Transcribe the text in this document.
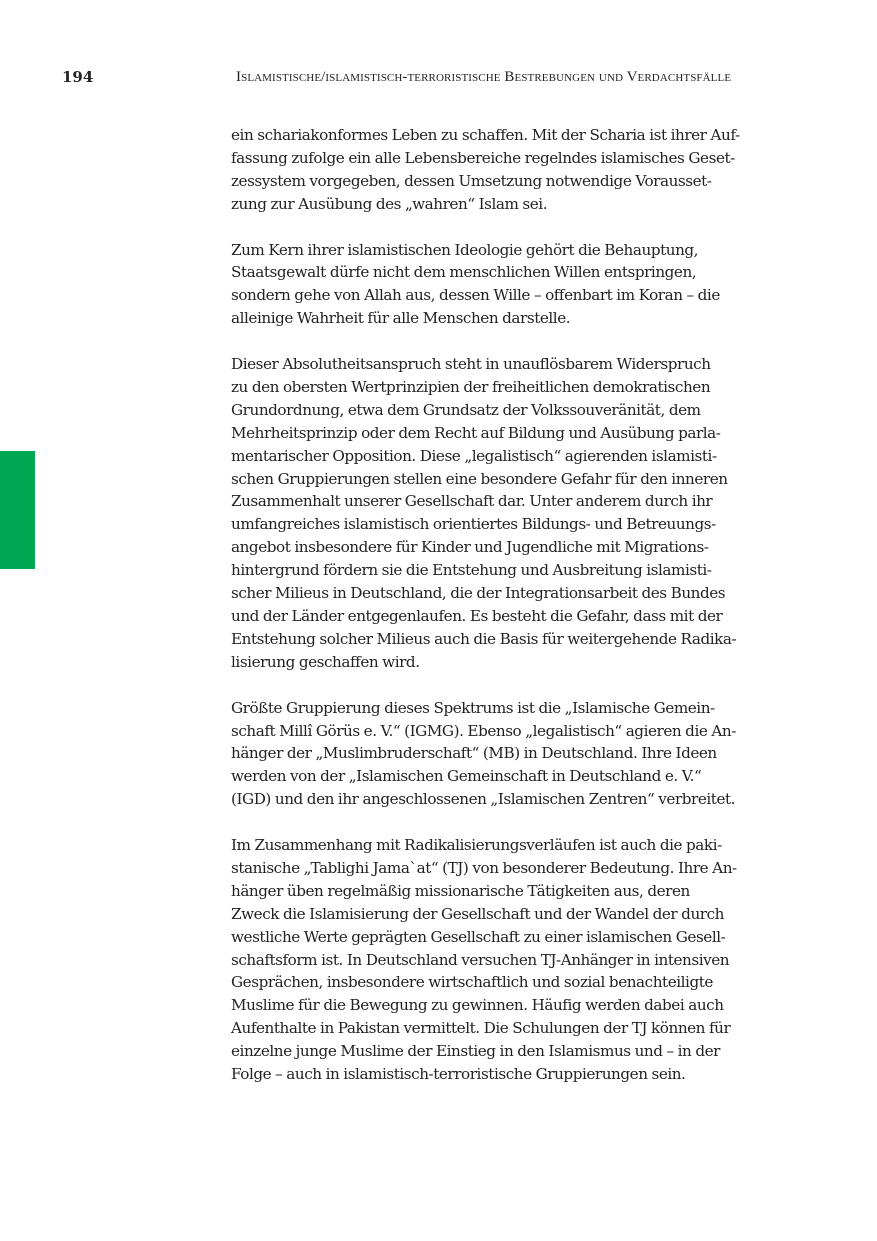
194	Islamistische/islamistisch-terroristische Bestrebungen und Verdachtsfälle

ein schariakonformes Leben zu schaffen. Mit der Scharia ist ihrer Auf-
fassung zufolge ein alle Lebensbereiche regelndes islamisches Geset-
zessystem vorgegeben, dessen Umsetzung notwendige Vorausset-
zung zur Ausübung des „wahren“ Islam sei.

Zum Kern ihrer islamistischen Ideologie gehört die Behauptung,
Staatsgewalt dürfe nicht dem menschlichen Willen entspringen,
sondern gehe von Allah aus, dessen Wille – offenbart im Koran – die
alleinige Wahrheit für alle Menschen darstelle.

Dieser Absolutheitsanspruch steht in unauflösbarem Widerspruch
zu den obersten Wertprinzipien der freiheitlichen demokratischen
Grundordnung, etwa dem Grundsatz der Volkssouveränität, dem
Mehrheitsprinzip oder dem Recht auf Bildung und Ausübung parla-
mentarischer Opposition. Diese „legalistisch“ agierenden islamisti-
schen Gruppierungen stellen eine besondere Gefahr für den inneren
Zusammenhalt unserer Gesellschaft dar. Unter anderem durch ihr
umfangreiches islamistisch orientiertes Bildungs- und Betreuungs-
angebot insbesondere für Kinder und Jugendliche mit Migrations-
hintergrund fördern sie die Entstehung und Ausbreitung islamisti-
scher Milieus in Deutschland, die der Integrationsarbeit des Bundes
und der Länder entgegenlaufen. Es besteht die Gefahr, dass mit der
Entstehung solcher Milieus auch die Basis für weitergehende Radika-
lisierung geschaffen wird.

Größte Gruppierung dieses Spektrums ist die „Islamische Gemein-
schaft Millî Görüs e. V.“ (IGMG). Ebenso „legalistisch“ agieren die An-
hänger der „Muslimbruderschaft“ (MB) in Deutschland. Ihre Ideen
werden von der „Islamischen Gemeinschaft in Deutschland e. V.“
(IGD) und den ihr angeschlossenen „Islamischen Zentren“ verbreitet.

Im Zusammenhang mit Radikalisierungsverläufen ist auch die paki-
stanische „Tablighi Jama`at“ (TJ) von besonderer Bedeutung. Ihre An-
hänger üben regelmäßig missionarische Tätigkeiten aus, deren
Zweck die Islamisierung der Gesellschaft und der Wandel der durch
westliche Werte geprägten Gesellschaft zu einer islamischen Gesell-
schaftsform ist. In Deutschland versuchen TJ-Anhänger in intensiven
Gesprächen, insbesondere wirtschaftlich und sozial benachteiligte
Muslime für die Bewegung zu gewinnen. Häufig werden dabei auch
Aufenthalte in Pakistan vermittelt. Die Schulungen der TJ können für
einzelne junge Muslime der Einstieg in den Islamismus und – in der
Folge – auch in islamistisch-terroristische Gruppierungen sein.
